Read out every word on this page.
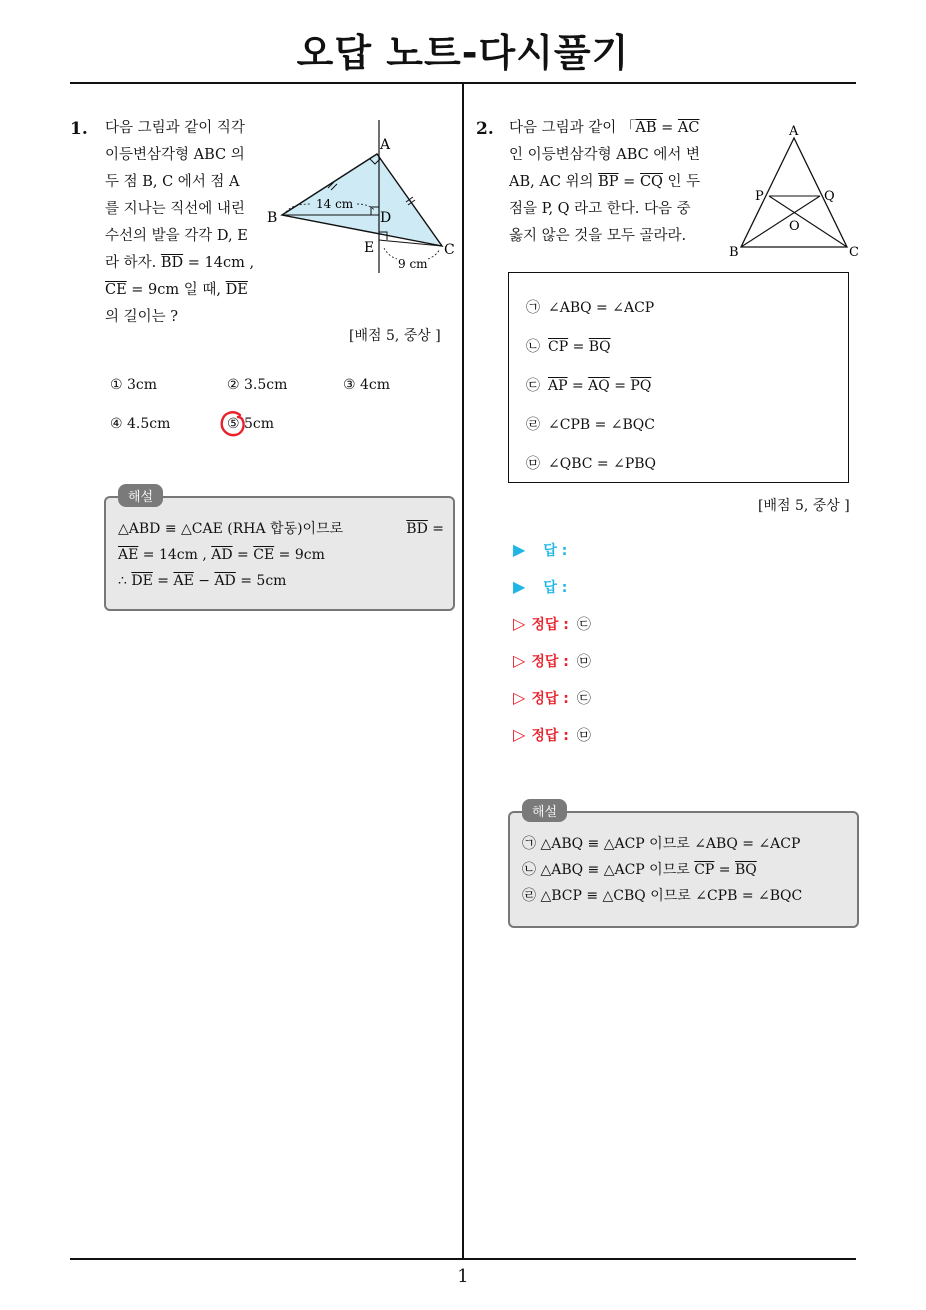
오답 노트-다시풀기
1
1. 다음 그림과 같이 직각
이등변삼각형 ABC 의
두 점 B, C 에서 점 A
를 지나는 직선에 내린
수선의 발을 각각 D, E
라 하자. $\overline{BD} = 14cm$ ,
$\overline{CE} = 9cm$ 일 때, $\overline{DE}$
의 길이는 ?
A
B
C
D
E
14 cm
9 cm
[배점 5, 중상 ]
① 3cm	② 3.5cm	③ 4cm
④ 4.5cm	⑤ 5cm
△ABD ≡ △CAE (RHA 합동)이므로	$\overline{BD}$ =
$\overline{AE} = 14cm$ , $\overline{AD} = \overline{CE} = 9cm$
∴ $\overline{DE} = \overline{AE} - \overline{AD} = 5cm$
해설
2. 다음 그림과 같이 「$\overline{AB} = \overline{AC}$
인 이등변삼각형 ABC 에서 변
AB, AC 위의 $\overline{BP} = \overline{CQ}$ 인 두
점을 P, Q 라고 한다. 다음 중
옳지 않은 것을 모두 골라라.
A
B	C
P	Q
O
㉠ ∠ABQ = ∠ACP
㉡ $\overline{CP} = \overline{BQ}$
㉢ $\overline{AP} = \overline{AQ} = \overline{PQ}$
㉣ ∠CPB = ∠BQC
㉤ ∠QBC = ∠PBQ
[배점 5, 중상 ]
▶ 답 :
▶ 답 :
▷ 정답 : ㉢
▷ 정답 : ㉤
▷ 정답 : ㉢
▷ 정답 : ㉤
㉠ △ABQ ≡ △ACP 이므로 ∠ABQ = ∠ACP
㉡ △ABQ ≡ △ACP 이므로 $\overline{CP} = \overline{BQ}$
㉣ △BCP ≡ △CBQ 이므로 ∠CPB = ∠BQC
해설
